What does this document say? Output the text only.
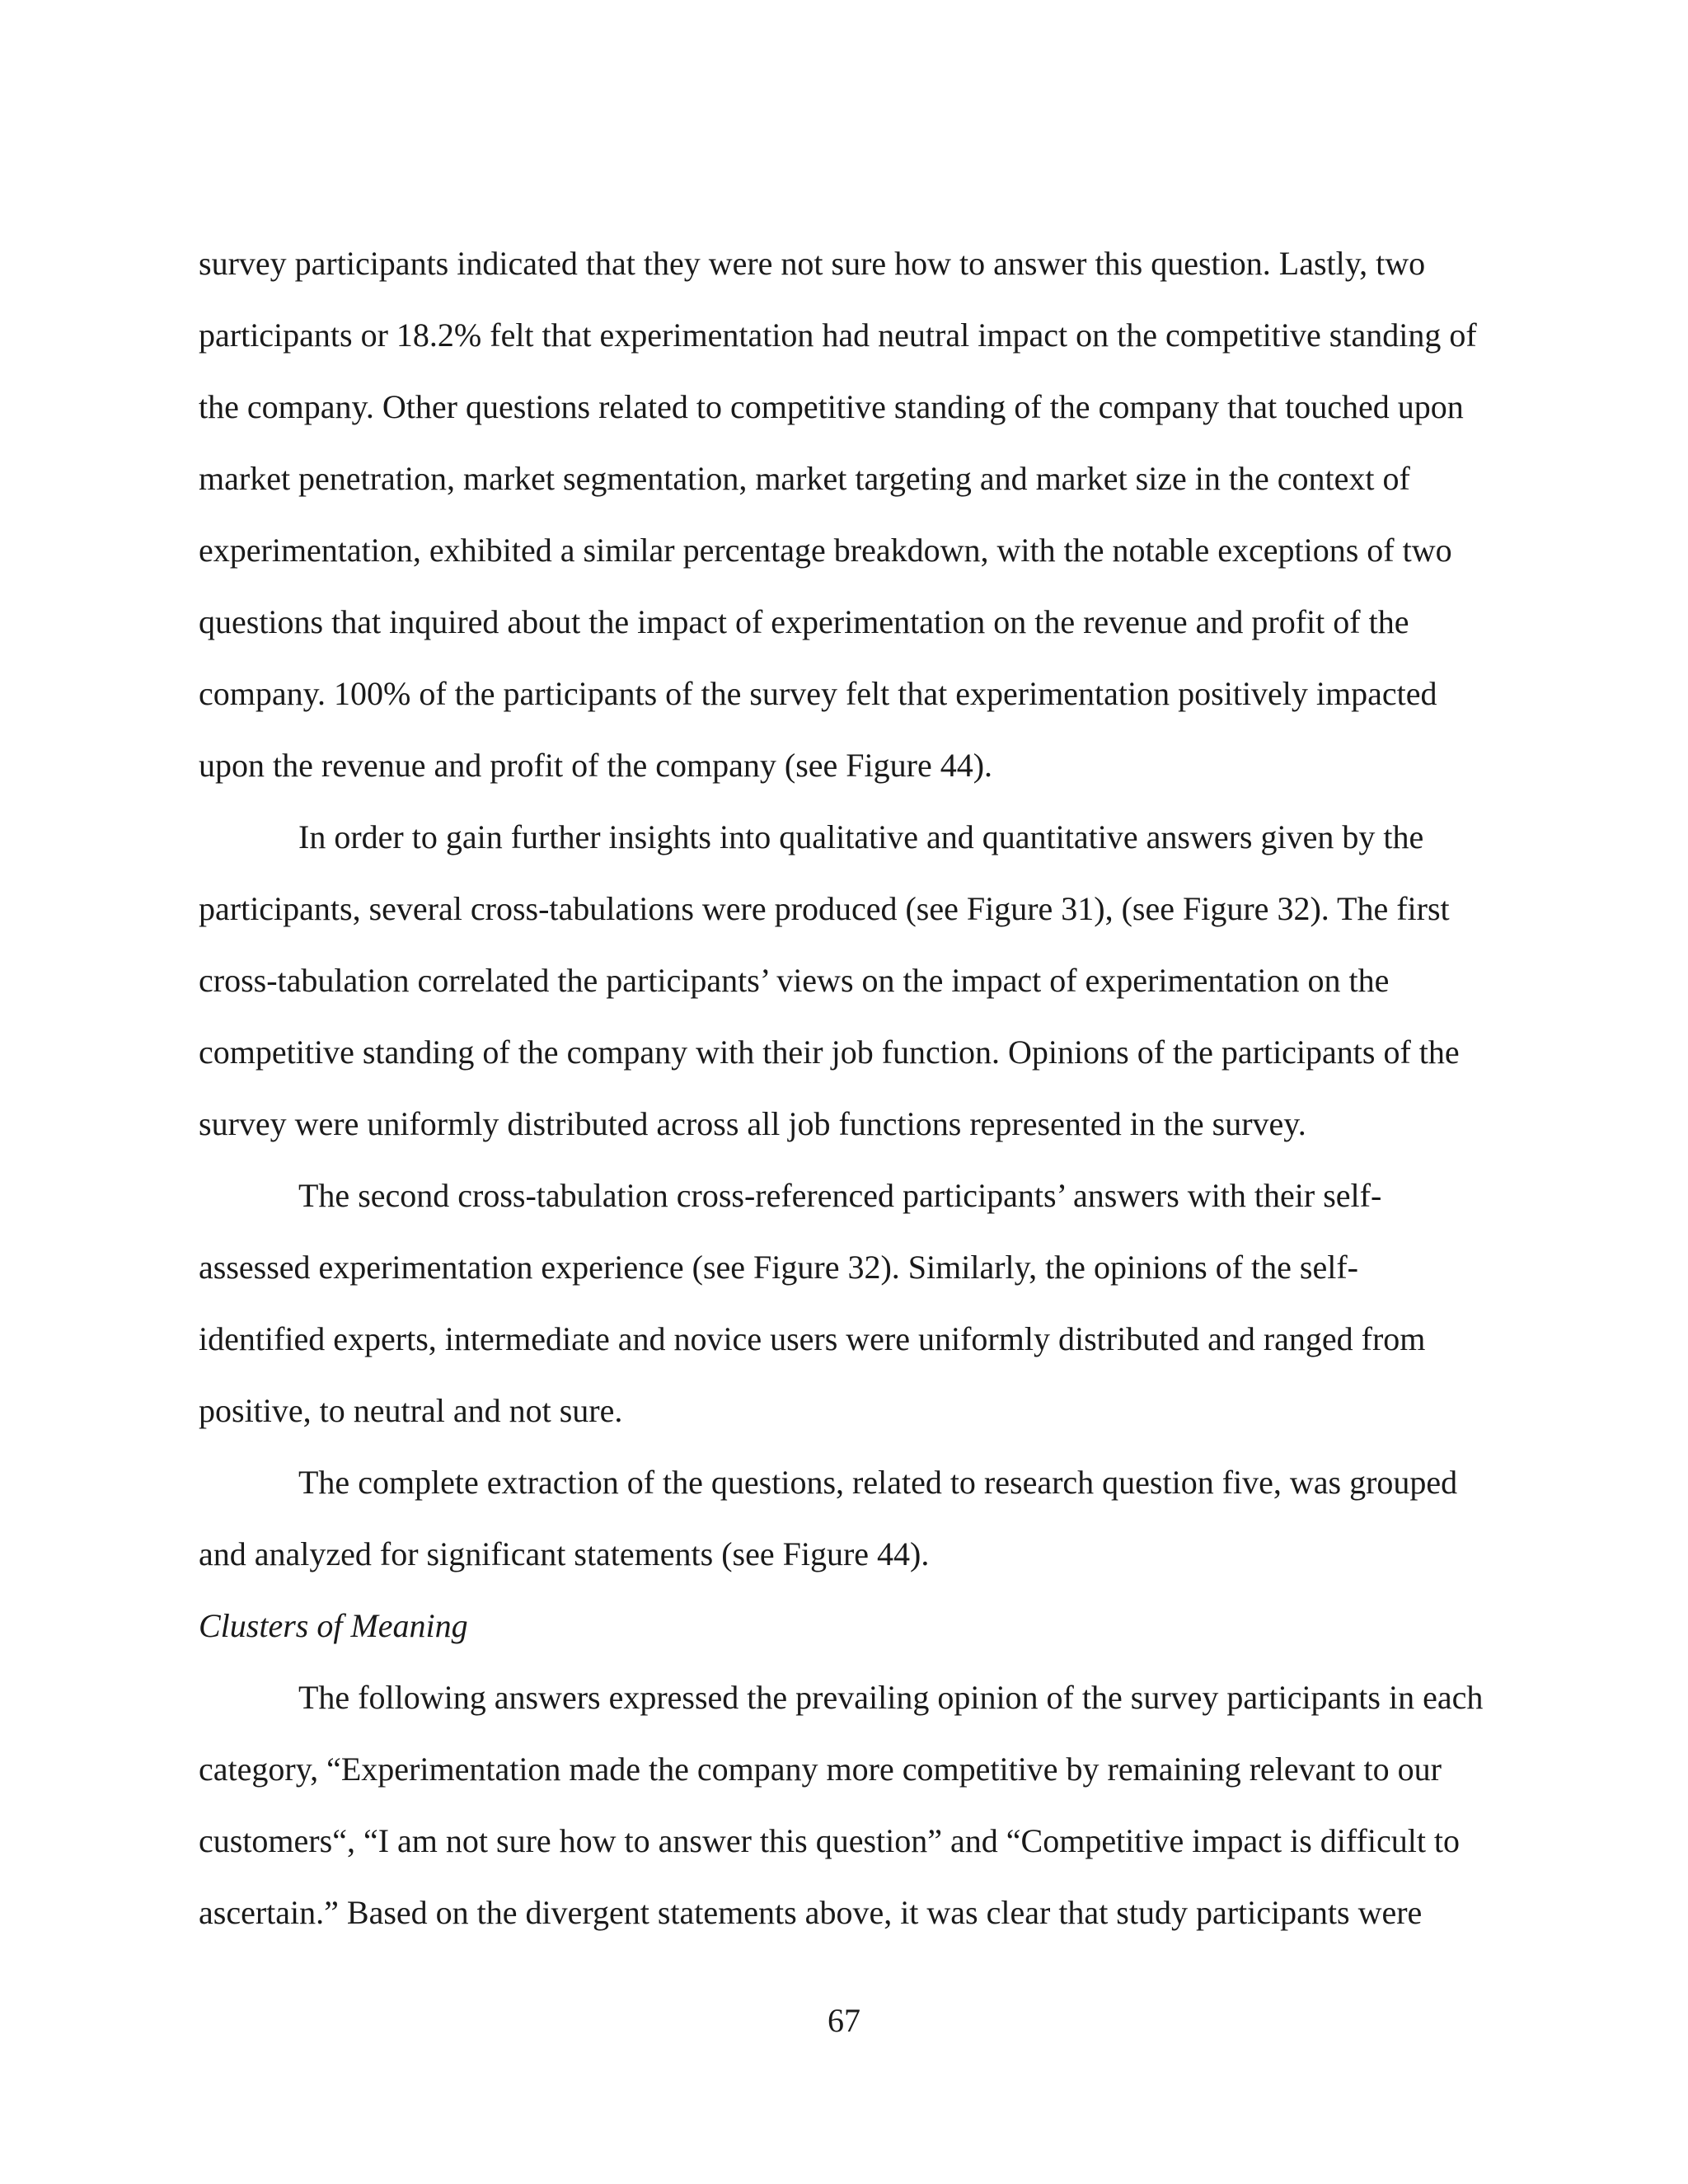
survey participants indicated that they were not sure how to answer this question. Lastly, two
participants or 18.2% felt that experimentation had neutral impact on the competitive standing of
the company. Other questions related to competitive standing of the company that touched upon
market penetration, market segmentation, market targeting and market size in the context of
experimentation, exhibited a similar percentage breakdown, with the notable exceptions of two
questions that inquired about the impact of experimentation on the revenue and profit of the
company. 100% of the participants of the survey felt that experimentation positively impacted
upon the revenue and profit of the company (see Figure 44).
In order to gain further insights into qualitative and quantitative answers given by the
participants, several cross-tabulations were produced (see Figure 31), (see Figure 32). The first
cross-tabulation correlated the participants’ views on the impact of experimentation on the
competitive standing of the company with their job function. Opinions of the participants of the
survey were uniformly distributed across all job functions represented in the survey.
The second cross-tabulation cross-referenced participants’ answers with their self-
assessed experimentation experience (see Figure 32). Similarly, the opinions of the self-
identified experts, intermediate and novice users were uniformly distributed and ranged from
positive, to neutral and not sure.
The complete extraction of the questions, related to research question five, was grouped
and analyzed for significant statements (see Figure 44).
Clusters of Meaning
The following answers expressed the prevailing opinion of the survey participants in each
category, “Experimentation made the company more competitive by remaining relevant to our
customers“, “I am not sure how to answer this question” and “Competitive impact is difficult to
ascertain.” Based on the divergent statements above, it was clear that study participants were
67
